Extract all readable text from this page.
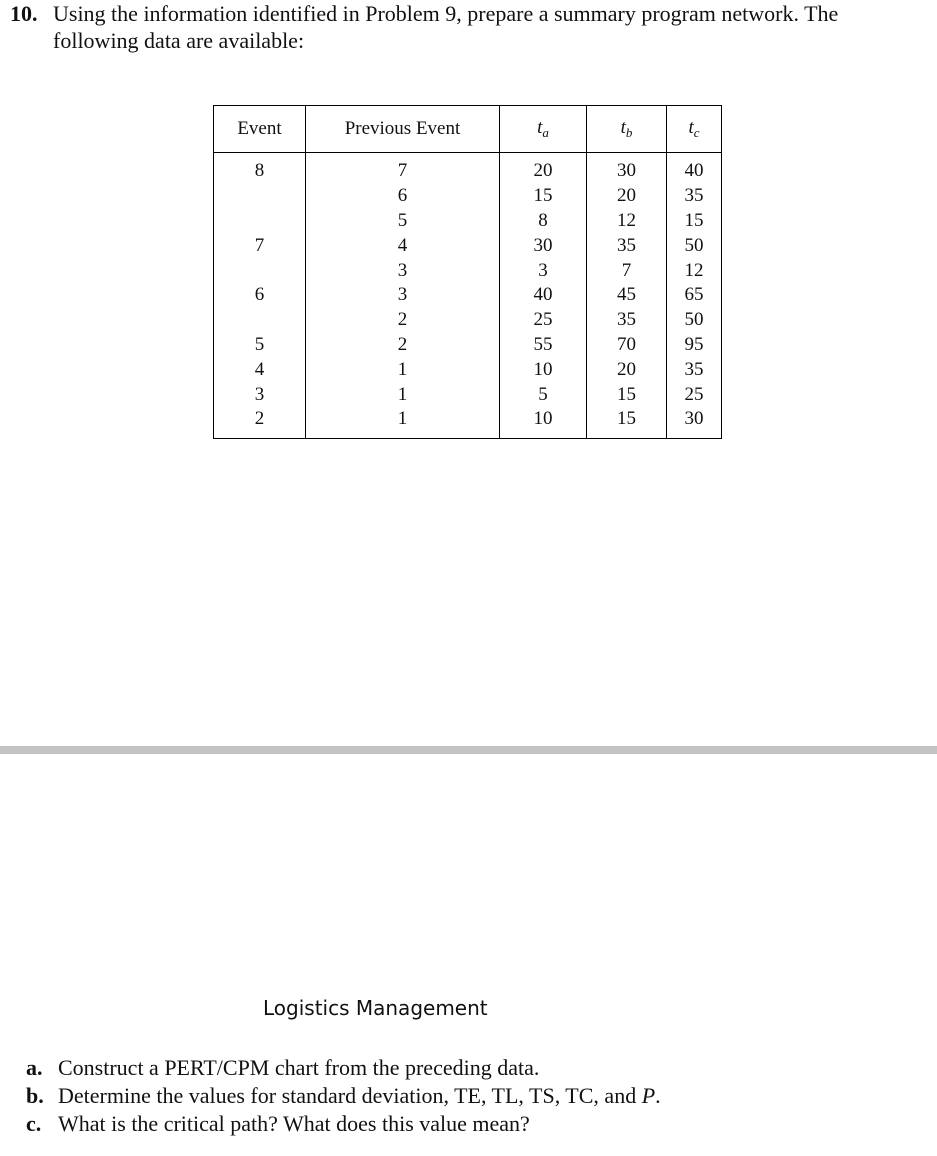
10. Using the information identified in Problem 9, prepare a summary program network. The following data are available:
Event	Previous Event	$t_a$	$t_b$	$t_c$
8	7	20	30	40
	6	15	20	35
	5	8	12	15
7	4	30	35	50
	3	3	7	12
6	3	40	45	65
	2	25	35	50
5	2	55	70	95
4	1	10	20	35
3	1	5	15	25
2	1	10	15	30
Logistics Management
a. Construct a PERT/CPM chart from the preceding data.
b. Determine the values for standard deviation, TE, TL, TS, TC, and P.
c. What is the critical path? What does this value mean?
